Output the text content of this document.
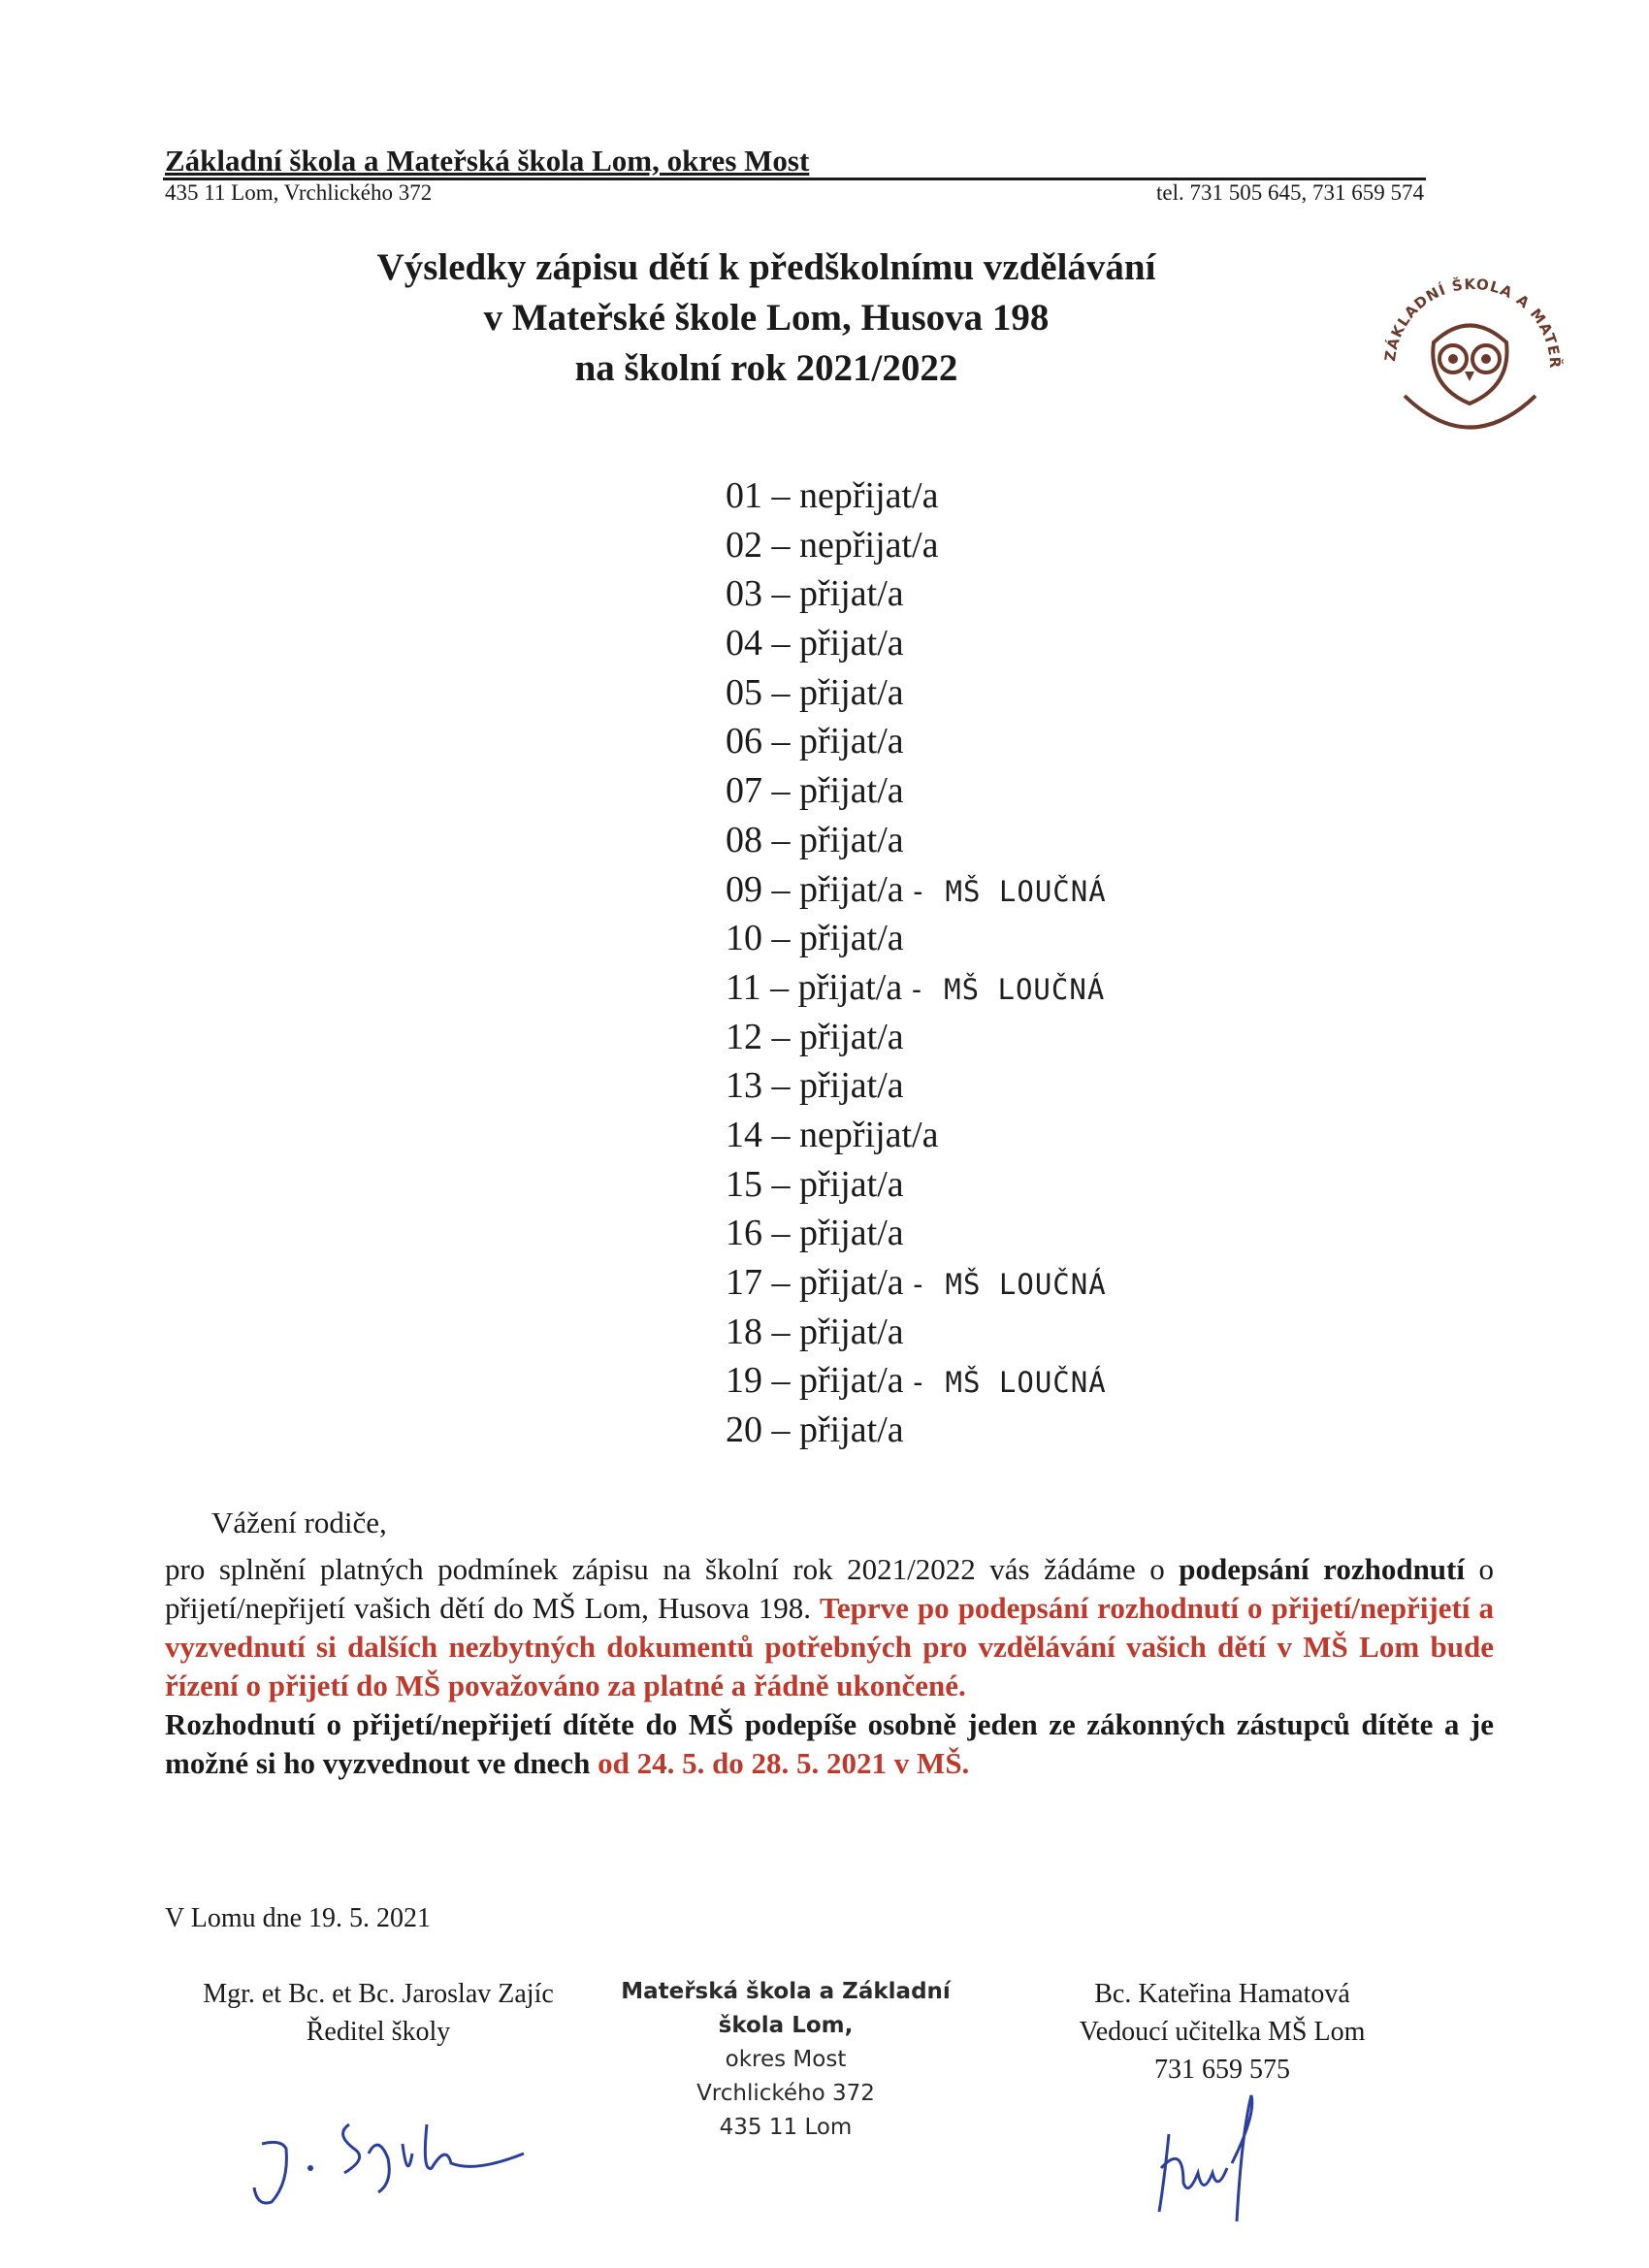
Základní škola a Mateřská škola Lom, okres Most
435 11 Lom, Vrchlického 372	tel. 731 505 645, 731 659 574
Výsledky zápisu dětí k předškolnímu vzdělávání
v Mateřské škole Lom, Husova 198
na školní rok 2021/2022	ZÁKLADNÍ ŠKOLA A MATEŘ
01 – nepřijat/a
02 – nepřijat/a
03 – přijat/a
04 – přijat/a
05 – přijat/a
06 – přijat/a
07 – přijat/a
08 – přijat/a
09 – přijat/a - MŠ LOUČNÁ
10 – přijat/a
11 – přijat/a - MŠ LOUČNÁ
12 – přijat/a
13 – přijat/a
14 – nepřijat/a
15 – přijat/a
16 – přijat/a
17 – přijat/a - MŠ LOUČNÁ
18 – přijat/a
19 – přijat/a - MŠ LOUČNÁ
20 – přijat/a
Vážení rodiče,
pro splnění platných podmínek zápisu na školní rok 2021/2022 vás žádáme o podepsání rozhodnutí o přijetí/nepřijetí vašich dětí do MŠ Lom, Husova 198. Teprve po podepsání rozhodnutí o přijetí/nepřijetí a vyzvednutí si dalších nezbytných dokumentů potřebných pro vzdělávání vašich dětí v MŠ Lom bude řízení o přijetí do MŠ považováno za platné a řádně ukončené.
Rozhodnutí o přijetí/nepřijetí dítěte do MŠ podepíše osobně jeden ze zákonných zástupců dítěte a je možné si ho vyzvednout ve dnech od 24. 5. do 28. 5. 2021 v MŠ.
V Lomu dne 19. 5. 2021
Mgr. et Bc. et Bc. Jaroslav Zajíc
Ředitel školy
Mateřská škola a Základní škola Lom,
okres Most
Vrchlického 372
435 11 Lom
Bc. Kateřina Hamatová
Vedoucí učitelka MŠ Lom
731 659 575
